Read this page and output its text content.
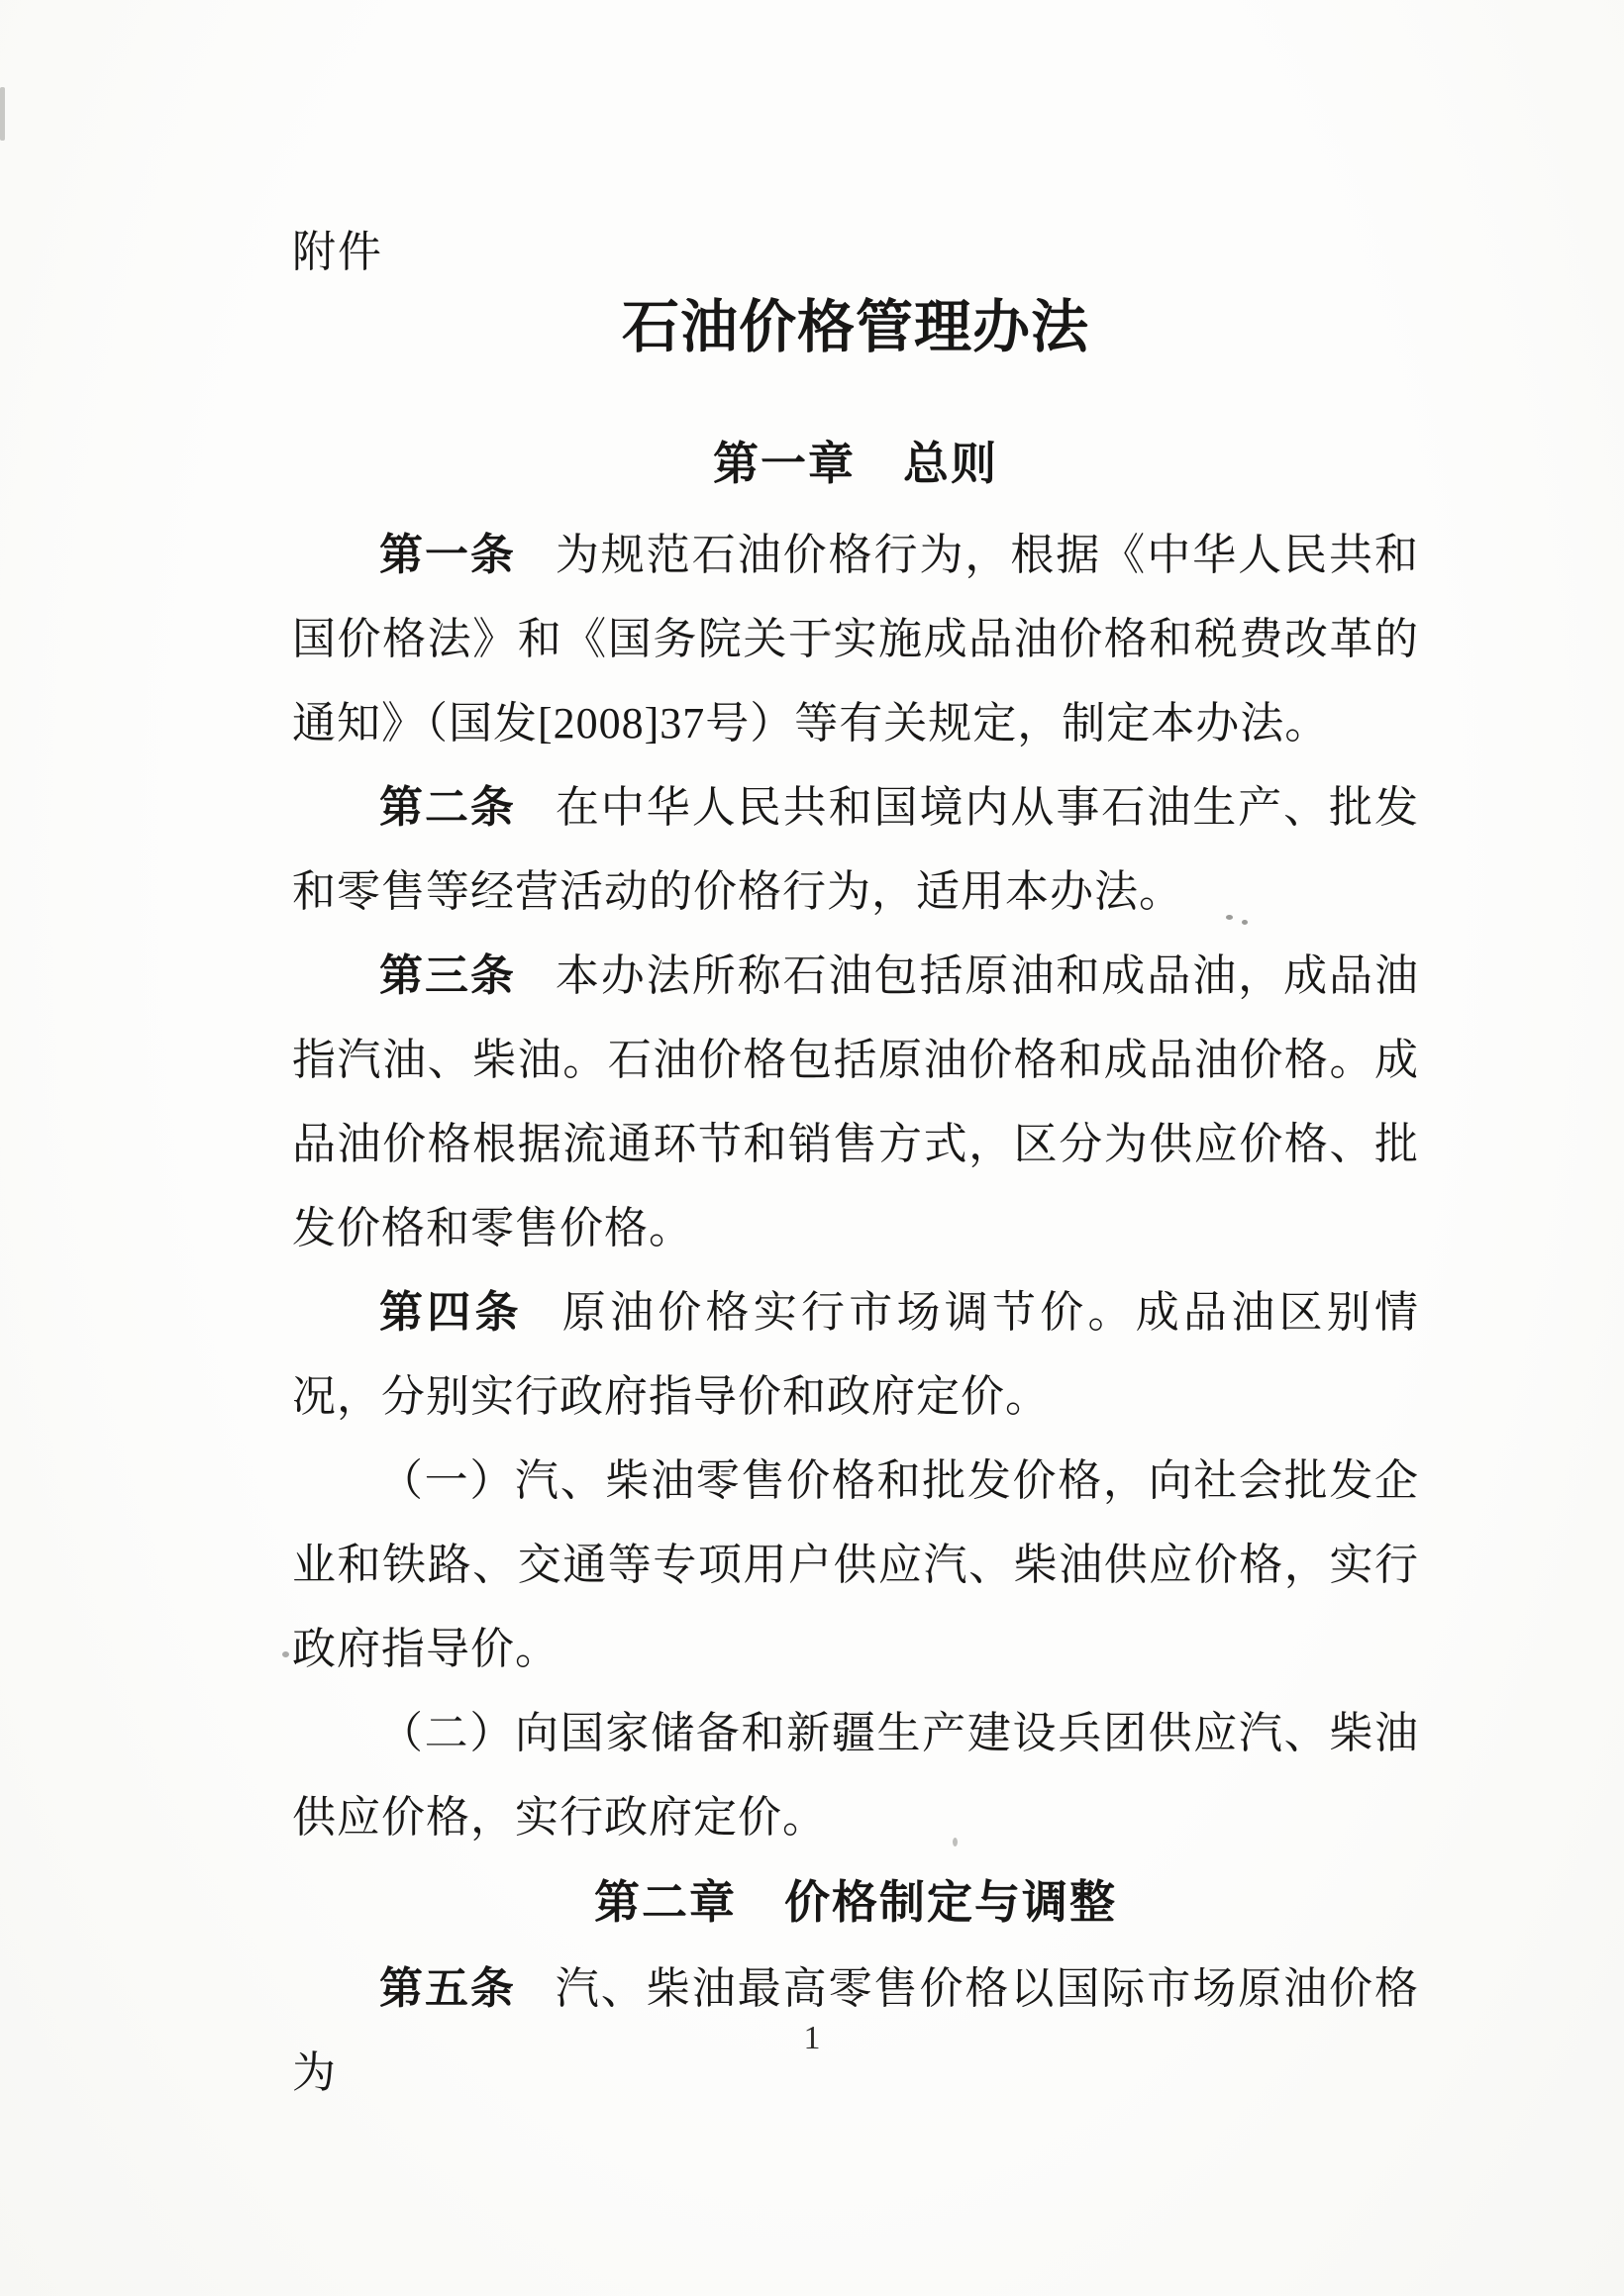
附件
石油价格管理办法
第一章　总则

第一条 为规范石油价格行为，根据《中华人民共和国价格法》和《国务院关于实施成品油价格和税费改革的通知》（国发[2008]37号）等有关规定，制定本办法。

第二条 在中华人民共和国境内从事石油生产、批发和零售等经营活动的价格行为，适用本办法。

第三条 本办法所称石油包括原油和成品油，成品油指汽油、柴油。石油价格包括原油价格和成品油价格。成品油价格根据流通环节和销售方式，区分为供应价格、批发价格和零售价格。

第四条 原油价格实行市场调节价。成品油区别情况，分别实行政府指导价和政府定价。

（一）汽、柴油零售价格和批发价格，向社会批发企业和铁路、交通等专项用户供应汽、柴油供应价格，实行政府指导价。

（二）向国家储备和新疆生产建设兵团供应汽、柴油供应价格，实行政府定价。

第二章　价格制定与调整

第五条 汽、柴油最高零售价格以国际市场原油价格为

1
